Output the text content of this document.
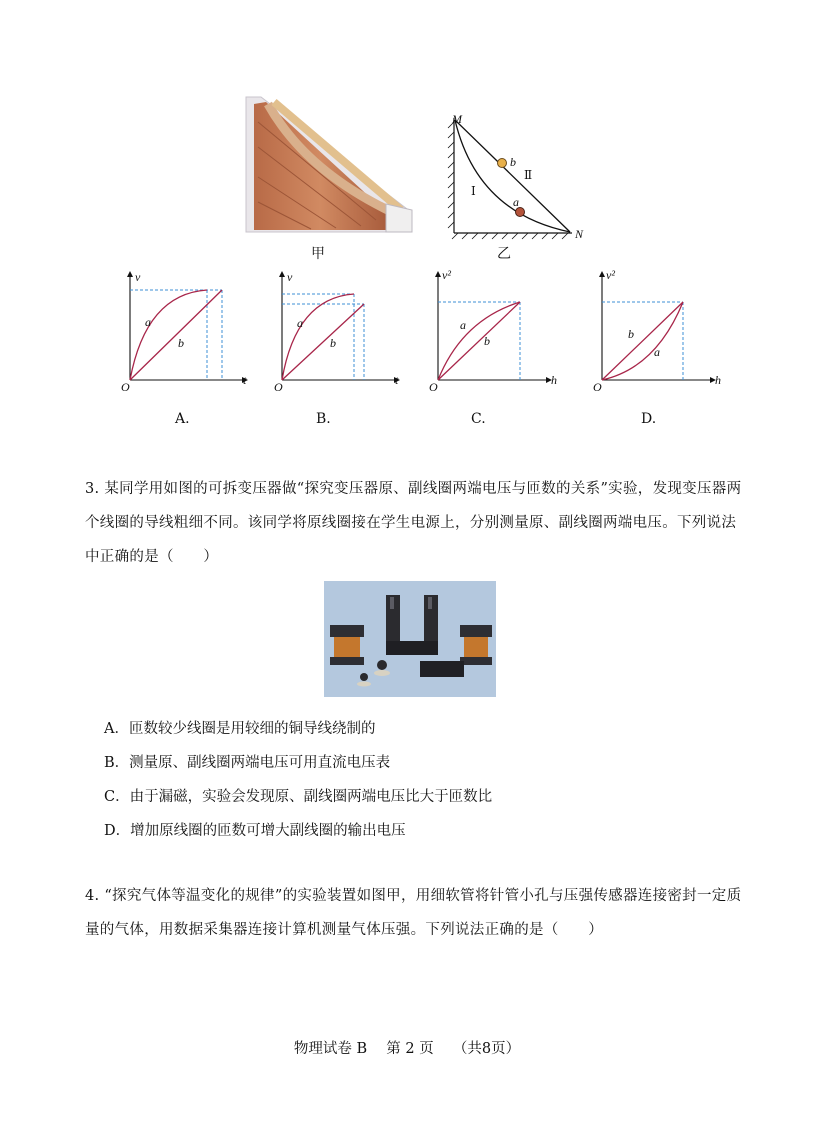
甲
M
N
Ⅰ
Ⅱ
b
a
乙
v
t
O
a
b
A.
v
t
O
a
b
B.
v²
h
O
a
b
C.
v²
h
O
b
a
D.
3. 某同学用如图的可拆变压器做“探究变压器原、副线圈两端电压与匝数的关系”实验，发现变压器两个线圈的导线粗细不同。该同学将原线圈接在学生电源上，分别测量原、副线圈两端电压。下列说法中正确的是（　　）
A．匝数较少线圈是用较细的铜导线绕制的
B．测量原、副线圈两端电压可用直流电压表
C．由于漏磁，实验会发现原、副线圈两端电压比大于匝数比
D．增加原线圈的匝数可增大副线圈的输出电压
4. “探究气体等温变化的规律”的实验装置如图甲，用细软管将针管小孔与压强传感器连接密封一定质量的气体，用数据采集器连接计算机测量气体压强。下列说法正确的是（　　）
物理试卷 B　 第 2 页　 （共8页）
